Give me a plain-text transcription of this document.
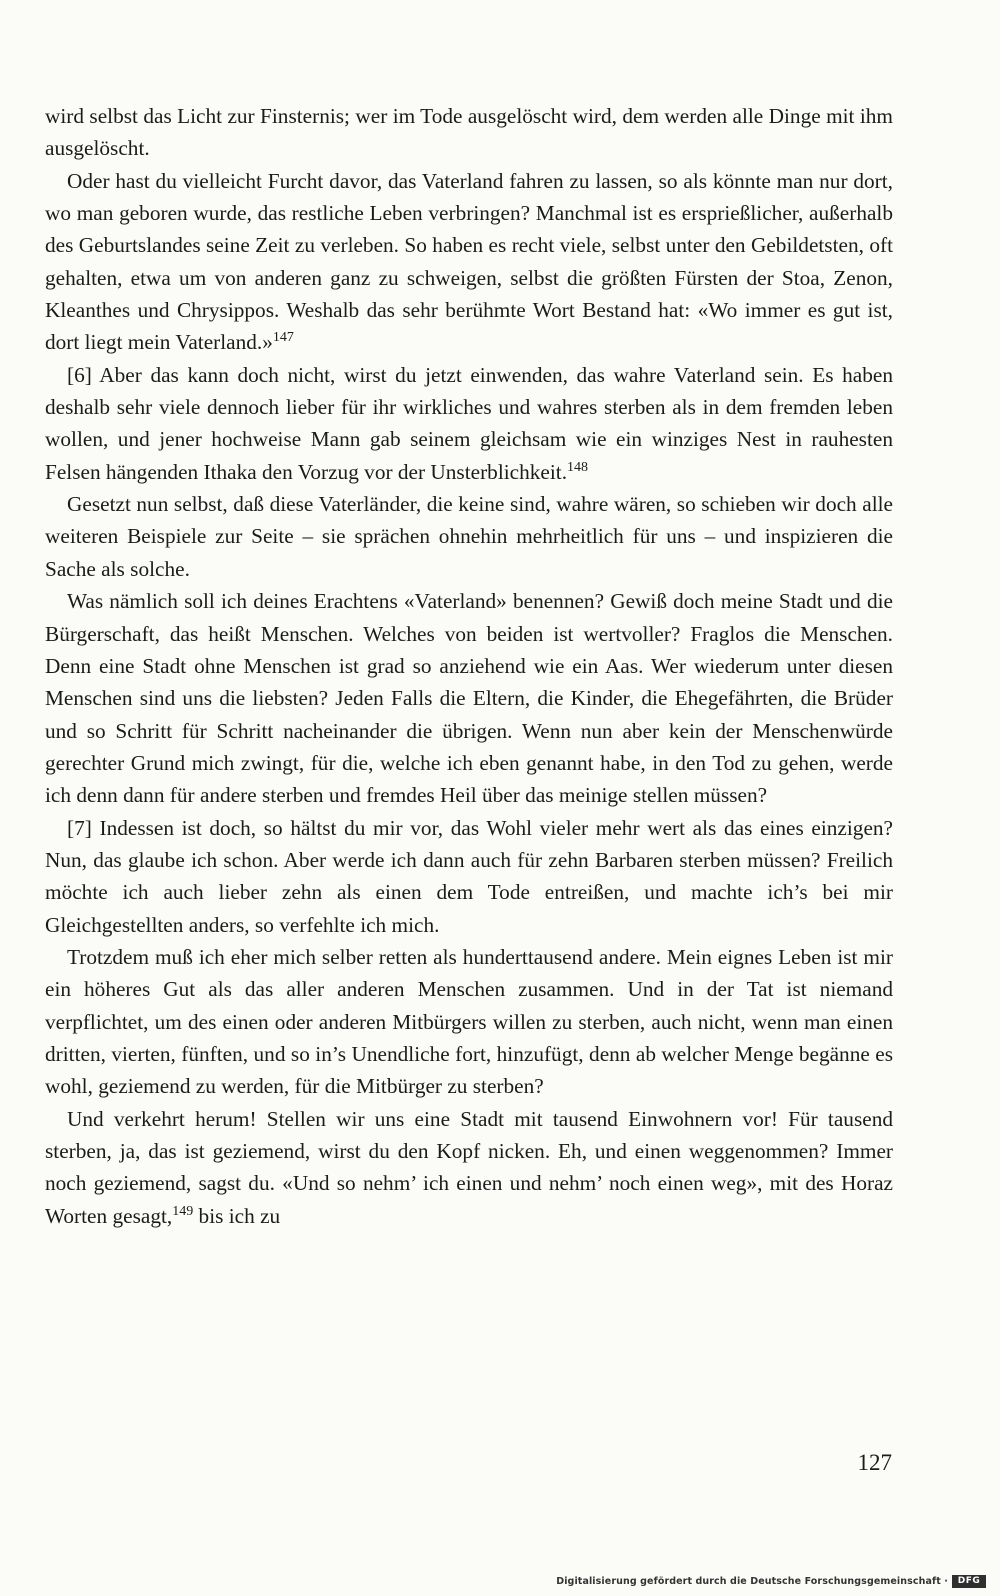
wird selbst das Licht zur Finsternis; wer im Tode ausgelöscht wird, dem werden alle Dinge mit ihm ausgelöscht.

Oder hast du vielleicht Furcht davor, das Vaterland fahren zu lassen, so als könnte man nur dort, wo man geboren wurde, das restliche Leben verbringen? Manchmal ist es ersprießlicher, außerhalb des Geburtslandes seine Zeit zu verleben. So haben es recht viele, selbst unter den Gebildetsten, oft gehalten, etwa um von anderen ganz zu schweigen, selbst die größten Fürsten der Stoa, Zenon, Kleanthes und Chrysippos. Weshalb das sehr berühmte Wort Bestand hat: «Wo immer es gut ist, dort liegt mein Vaterland.»$^{147}$

[6] Aber das kann doch nicht, wirst du jetzt einwenden, das wahre Vaterland sein. Es haben deshalb sehr viele dennoch lieber für ihr wirkliches und wahres sterben als in dem fremden leben wollen, und jener hochweise Mann gab seinem gleichsam wie ein winziges Nest in rauhesten Felsen hängenden Ithaka den Vorzug vor der Unsterblichkeit.$^{148}$

Gesetzt nun selbst, daß diese Vaterländer, die keine sind, wahre wären, so schieben wir doch alle weiteren Beispiele zur Seite – sie sprächen ohnehin mehrheitlich für uns – und inspizieren die Sache als solche.

Was nämlich soll ich deines Erachtens «Vaterland» benennen? Gewiß doch meine Stadt und die Bürgerschaft, das heißt Menschen. Welches von beiden ist wertvoller? Fraglos die Menschen. Denn eine Stadt ohne Menschen ist grad so anziehend wie ein Aas. Wer wiederum unter diesen Menschen sind uns die liebsten? Jeden Falls die Eltern, die Kinder, die Ehegefährten, die Brüder und so Schritt für Schritt nacheinander die übrigen. Wenn nun aber kein der Menschenwürde gerechter Grund mich zwingt, für die, welche ich eben genannt habe, in den Tod zu gehen, werde ich denn dann für andere sterben und fremdes Heil über das meinige stellen müssen?

[7] Indessen ist doch, so hältst du mir vor, das Wohl vieler mehr wert als das eines einzigen? Nun, das glaube ich schon. Aber werde ich dann auch für zehn Barbaren sterben müssen? Freilich möchte ich auch lieber zehn als einen dem Tode entreißen, und machte ich’s bei mir Gleichgestellten anders, so verfehlte ich mich.

Trotzdem muß ich eher mich selber retten als hunderttausend andere. Mein eignes Leben ist mir ein höheres Gut als das aller anderen Menschen zusammen. Und in der Tat ist niemand verpflichtet, um des einen oder anderen Mitbürgers willen zu sterben, auch nicht, wenn man einen dritten, vierten, fünften, und so in’s Unendliche fort, hinzufügt, denn ab welcher Menge begänne es wohl, geziemend zu werden, für die Mitbürger zu sterben?

Und verkehrt herum! Stellen wir uns eine Stadt mit tausend Einwohnern vor! Für tausend sterben, ja, das ist geziemend, wirst du den Kopf nicken. Eh, und einen weggenommen? Immer noch geziemend, sagst du. «Und so nehm’ ich einen und nehm’ noch einen weg», mit des Horaz Worten gesagt,$^{149}$ bis ich zu

127
Digitalisierung gefördert durch die Deutsche Forschungsgemeinschaft ·	DFG
